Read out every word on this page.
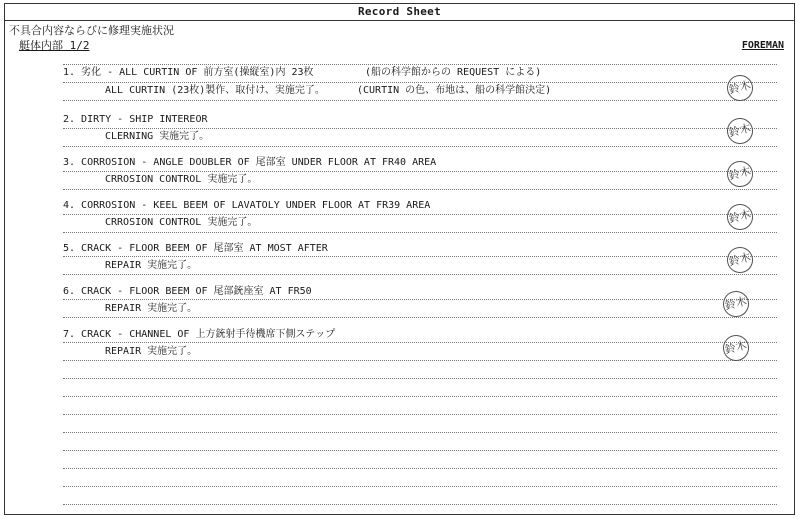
Record Sheet
不具合内容ならびに修理実施状況
艇体内部 1/2	FOREMAN
1. 劣化 - ALL CURTIN OF 前方室(操縦室)内 23枚	(船の科学館からの REQUEST による)
ALL CURTIN (23枚)製作、取付け、実施完了。	(CURTIN の色、布地は、船の科学館決定)	鈴木
2. DIRTY - SHIP INTEREOR
CLERNING 実施完了。	鈴木
3. CORROSION - ANGLE DOUBLER OF 尾部室 UNDER FLOOR AT FR40 AREA
CRROSION CONTROL 実施完了。	鈴木
4. CORROSION - KEEL BEEM OF LAVATOLY UNDER FLOOR AT FR39 AREA
CRROSION CONTROL 実施完了。	鈴木
5. CRACK - FLOOR BEEM OF 尾部室 AT MOST AFTER
REPAIR 実施完了。	鈴木
6. CRACK - FLOOR BEEM OF 尾部銃座室 AT FR50
REPAIR 実施完了。	鈴木
7. CRACK - CHANNEL OF 上方銃射手待機席下側ステップ
REPAIR 実施完了。	鈴木
